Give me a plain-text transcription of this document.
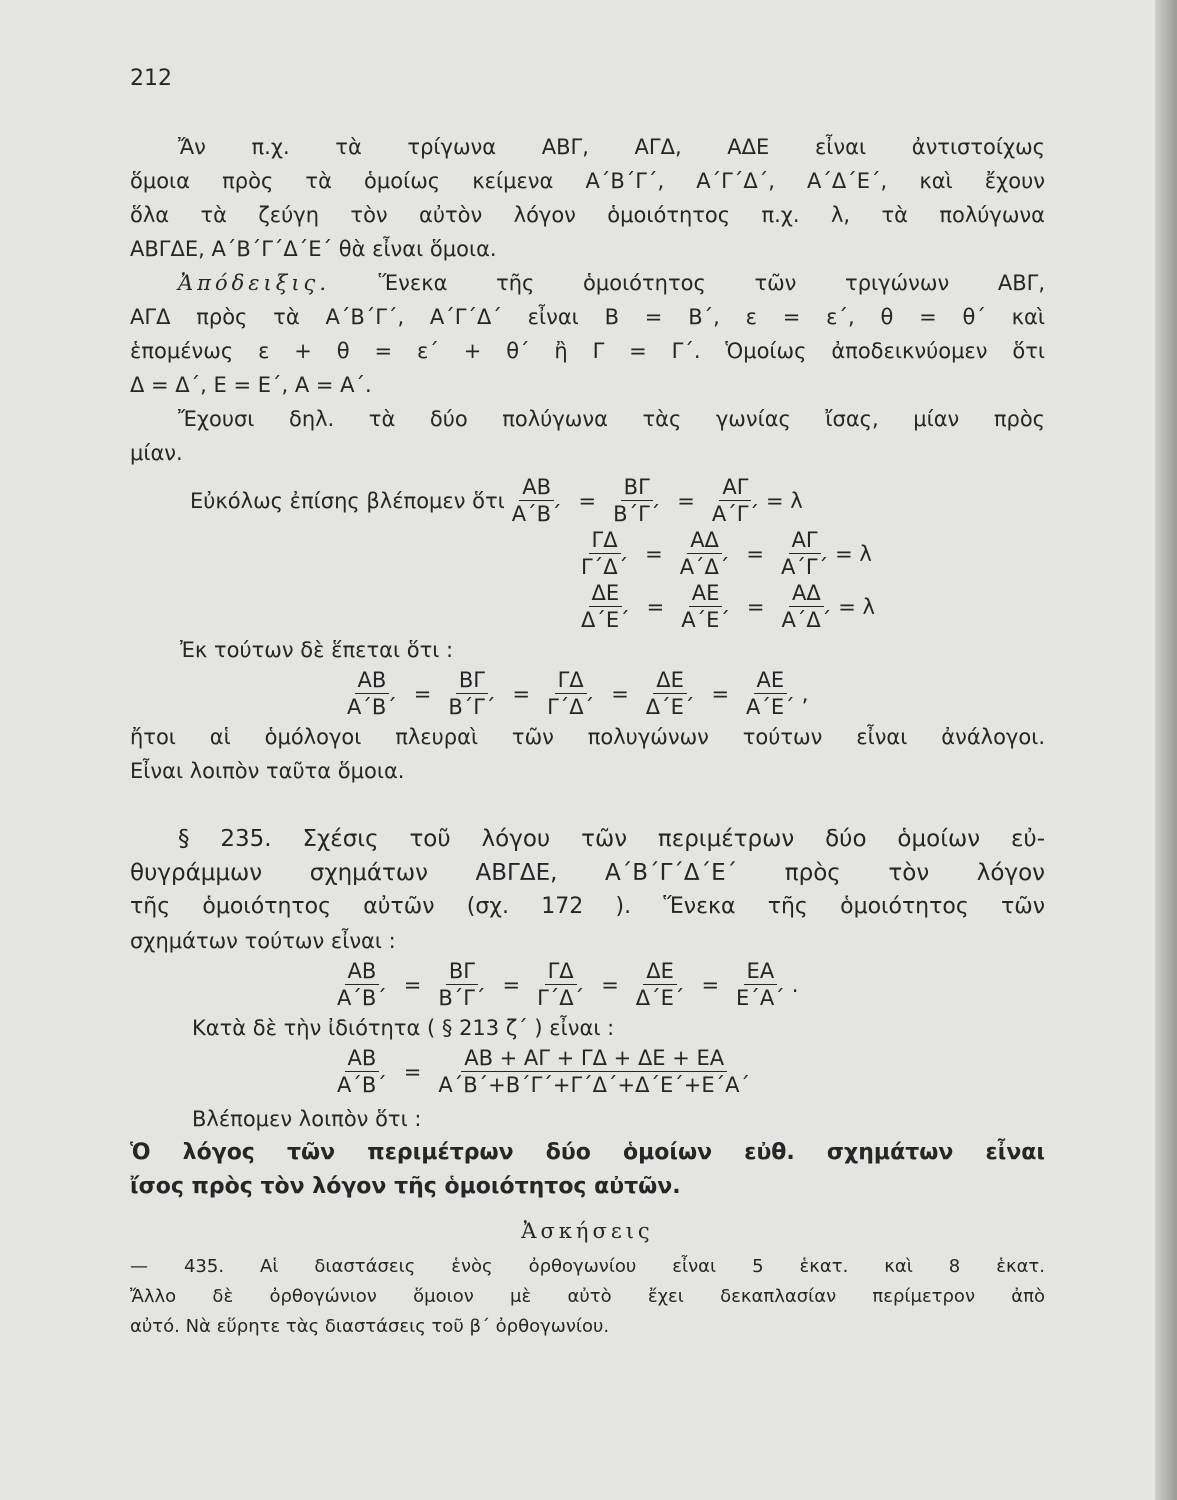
212

Ἄν π.χ. τὰ τρίγωνα ΑΒΓ, ΑΓΔ, ΑΔΕ εἶναι ἀντιστοίχως

ὅμοια πρὸς τὰ ὁμοίως κείμενα Α΄Β΄Γ΄, Α΄Γ΄Δ΄, Α΄Δ΄Ε΄, καὶ ἔχουν

ὅλα τὰ ζεύγη τὸν αὐτὸν λόγον ὁμοιότητος π.χ. λ, τὰ πολύγωνα

ΑΒΓΔΕ, Α΄Β΄Γ΄Δ΄Ε΄ θὰ εἶναι ὅμοια.

Ἀπόδειξις. Ἕνεκα τῆς ὁμοιότητος τῶν τριγώνων ΑΒΓ,

ΑΓΔ πρὸς τὰ Α΄Β΄Γ΄, Α΄Γ΄Δ΄ εἶναι Β = Β΄, ε = ε΄, θ = θ΄ καὶ

ἑπομένως ε + θ = ε΄ + θ΄ ἢ Γ = Γ΄. Ὁμοίως ἀποδεικνύομεν ὅτι

Δ = Δ΄, Ε = Ε΄, Α = Α΄.

Ἔχουσι δηλ. τὰ δύο πολύγωνα τὰς γωνίας ἴσας, μίαν πρὸς

μίαν.

Εὐκόλως ἐπίσης βλέπομεν ὅτι $\frac{AB}{A΄B΄} = \frac{B\Gamma}{B΄\Gamma΄} = \frac{A\Gamma}{A΄\Gamma΄} = \lambda$
$\frac{\Gamma\Delta}{\Gamma΄\Delta΄} = \frac{A\Delta}{A΄\Delta΄} = \frac{A\Gamma}{A΄\Gamma΄} = \lambda$
$\frac{\Delta E}{\Delta΄E΄} = \frac{AE}{A΄E΄} = \frac{A\Delta}{A΄\Delta΄} = \lambda$

Ἐκ τούτων δὲ ἕπεται ὅτι :

$\frac{AB}{A΄B΄} = \frac{B\Gamma}{B΄\Gamma΄} = \frac{\Gamma\Delta}{\Gamma΄\Delta΄} = \frac{\Delta E}{\Delta΄E΄} = \frac{AE}{A΄E΄}$ ,

ἤτοι αἱ ὁμόλογοι πλευραὶ τῶν πολυγώνων τούτων εἶναι ἀνάλογοι.

Εἶναι λοιπὸν ταῦτα ὅμοια.

§ 235. Σχέσις τοῦ λόγου τῶν περιμέτρων δύο ὁμοίων εὐ-

θυγράμμων σχημάτων ΑΒΓΔΕ, Α΄Β΄Γ΄Δ΄Ε΄ πρὸς τὸν λόγον

τῆς ὁμοιότητος αὐτῶν (σχ. 172 ). Ἕνεκα τῆς ὁμοιότητος τῶν

σχημάτων τούτων εἶναι :

$\frac{AB}{A΄B΄} = \frac{B\Gamma}{B΄\Gamma΄} = \frac{\Gamma\Delta}{\Gamma΄\Delta΄} = \frac{\Delta E}{\Delta΄E΄} = \frac{EA}{E΄A΄}$ .

Κατὰ δὲ τὴν ἰδιότητα ( § 213 ζ΄ ) εἶναι :

$\frac{AB}{A΄B΄} = \frac{AB + A\Gamma + \Gamma\Delta + \Delta E + EA}{A΄B΄+B΄\Gamma΄+\Gamma΄\Delta΄+\Delta΄E΄+E΄A΄}$

Βλέπομεν λοιπὸν ὅτι :

Ὁ λόγος τῶν περιμέτρων δύο ὁμοίων εὐθ. σχημάτων εἶναι

ἴσος πρὸς τὸν λόγον τῆς ὁμοιότητος αὐτῶν.

Ἀσκήσεις

— 435. Αἱ διαστάσεις ἑνὸς ὀρθογωνίου εἶναι 5 ἑκατ. καὶ 8 ἑκατ.

Ἄλλο δὲ ὀρθογώνιον ὅμοιον μὲ αὐτὸ ἔχει δεκαπλασίαν περίμετρον ἀπὸ

αὐτό. Νὰ εὕρητε τὰς διαστάσεις τοῦ β΄ ὀρθογωνίου.
